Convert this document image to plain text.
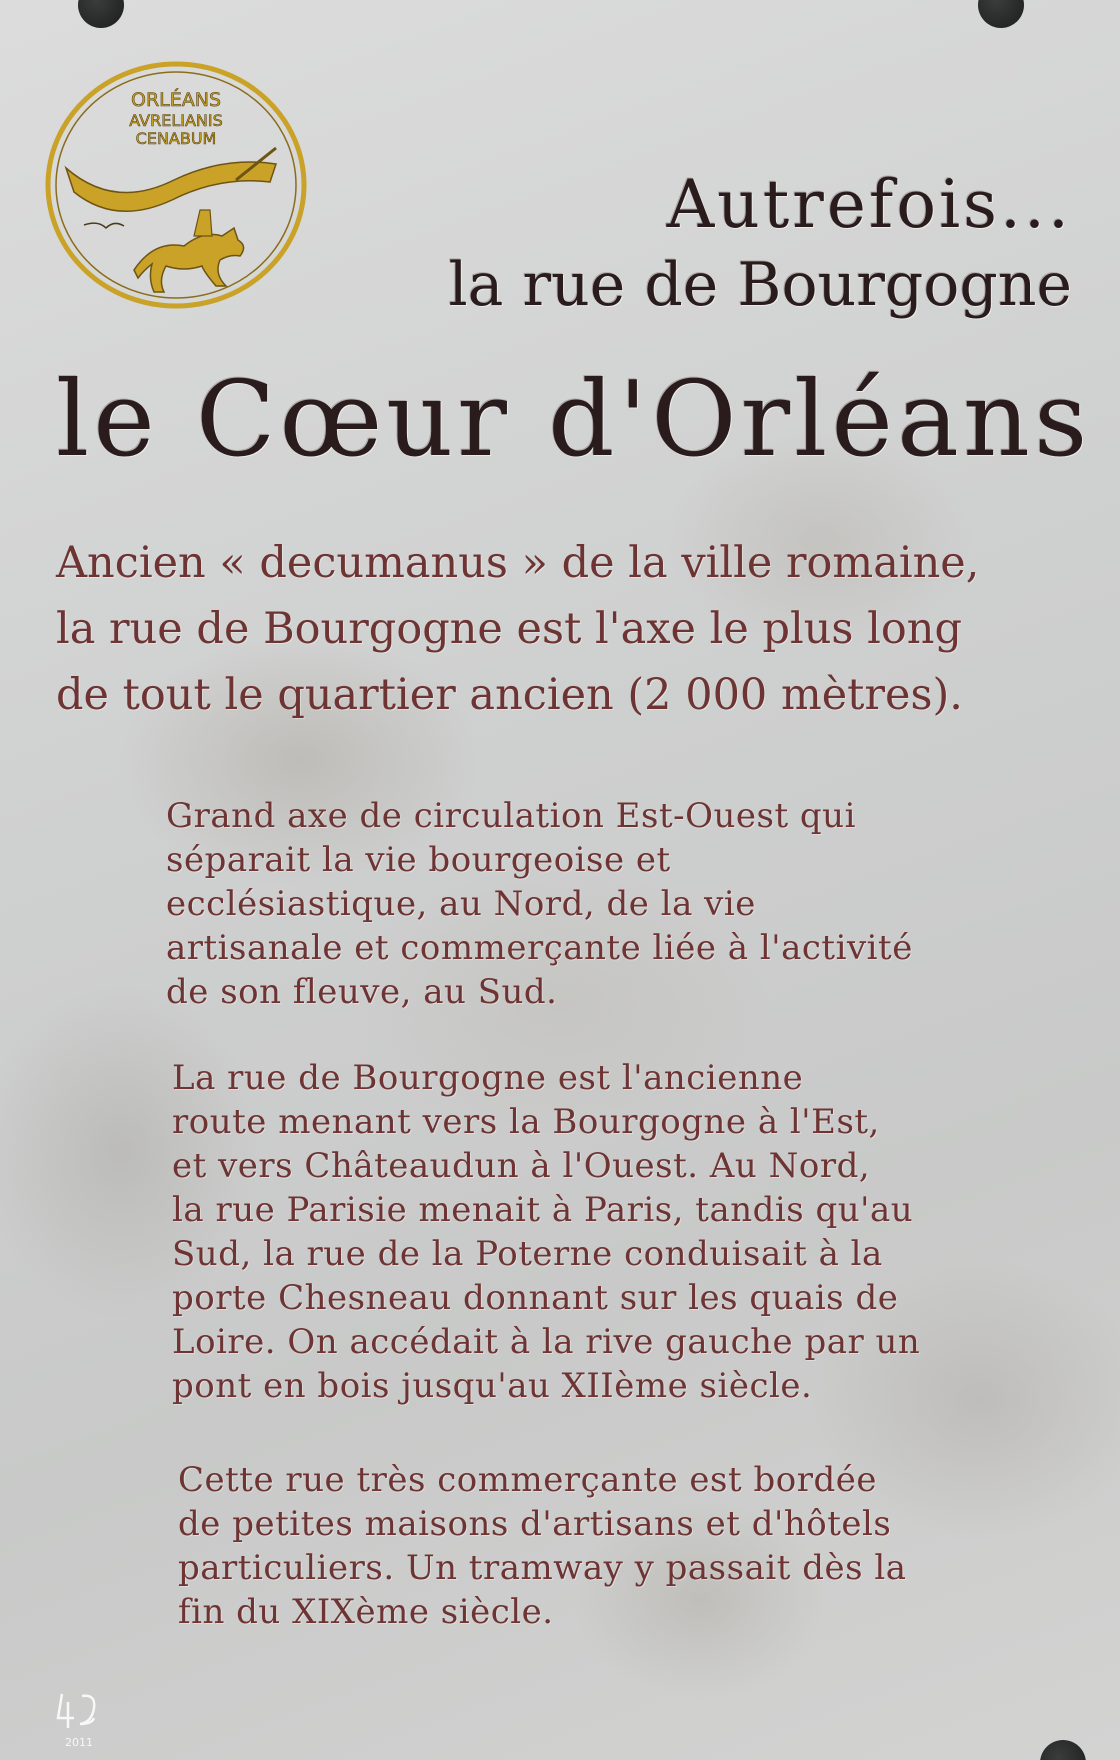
ORLÉANS
AVRELIANIS
CENABUM
Autrefois...
la rue de Bourgogne
le Cœur d'Orléans

Ancien « decumanus » de la ville romaine,
la rue de Bourgogne est l'axe le plus long
de tout le quartier ancien (2 000 mètres).

Grand axe de circulation Est-Ouest qui
séparait la vie bourgeoise et
ecclésiastique, au Nord, de la vie
artisanale et commerçante liée à l'activité
de son fleuve, au Sud.

La rue de Bourgogne est l'ancienne
route menant vers la Bourgogne à l'Est,
et vers Châteaudun à l'Ouest. Au Nord,
la rue Parisie menait à Paris, tandis qu'au
Sud, la rue de la Poterne conduisait à la
porte Chesneau donnant sur les quais de
Loire. On accédait à la rive gauche par un
pont en bois jusqu'au XIIème siècle.

Cette rue très commerçante est bordée
de petites maisons d'artisans et d'hôtels
particuliers. Un tramway y passait dès la
fin du XIXème siècle.

2011
